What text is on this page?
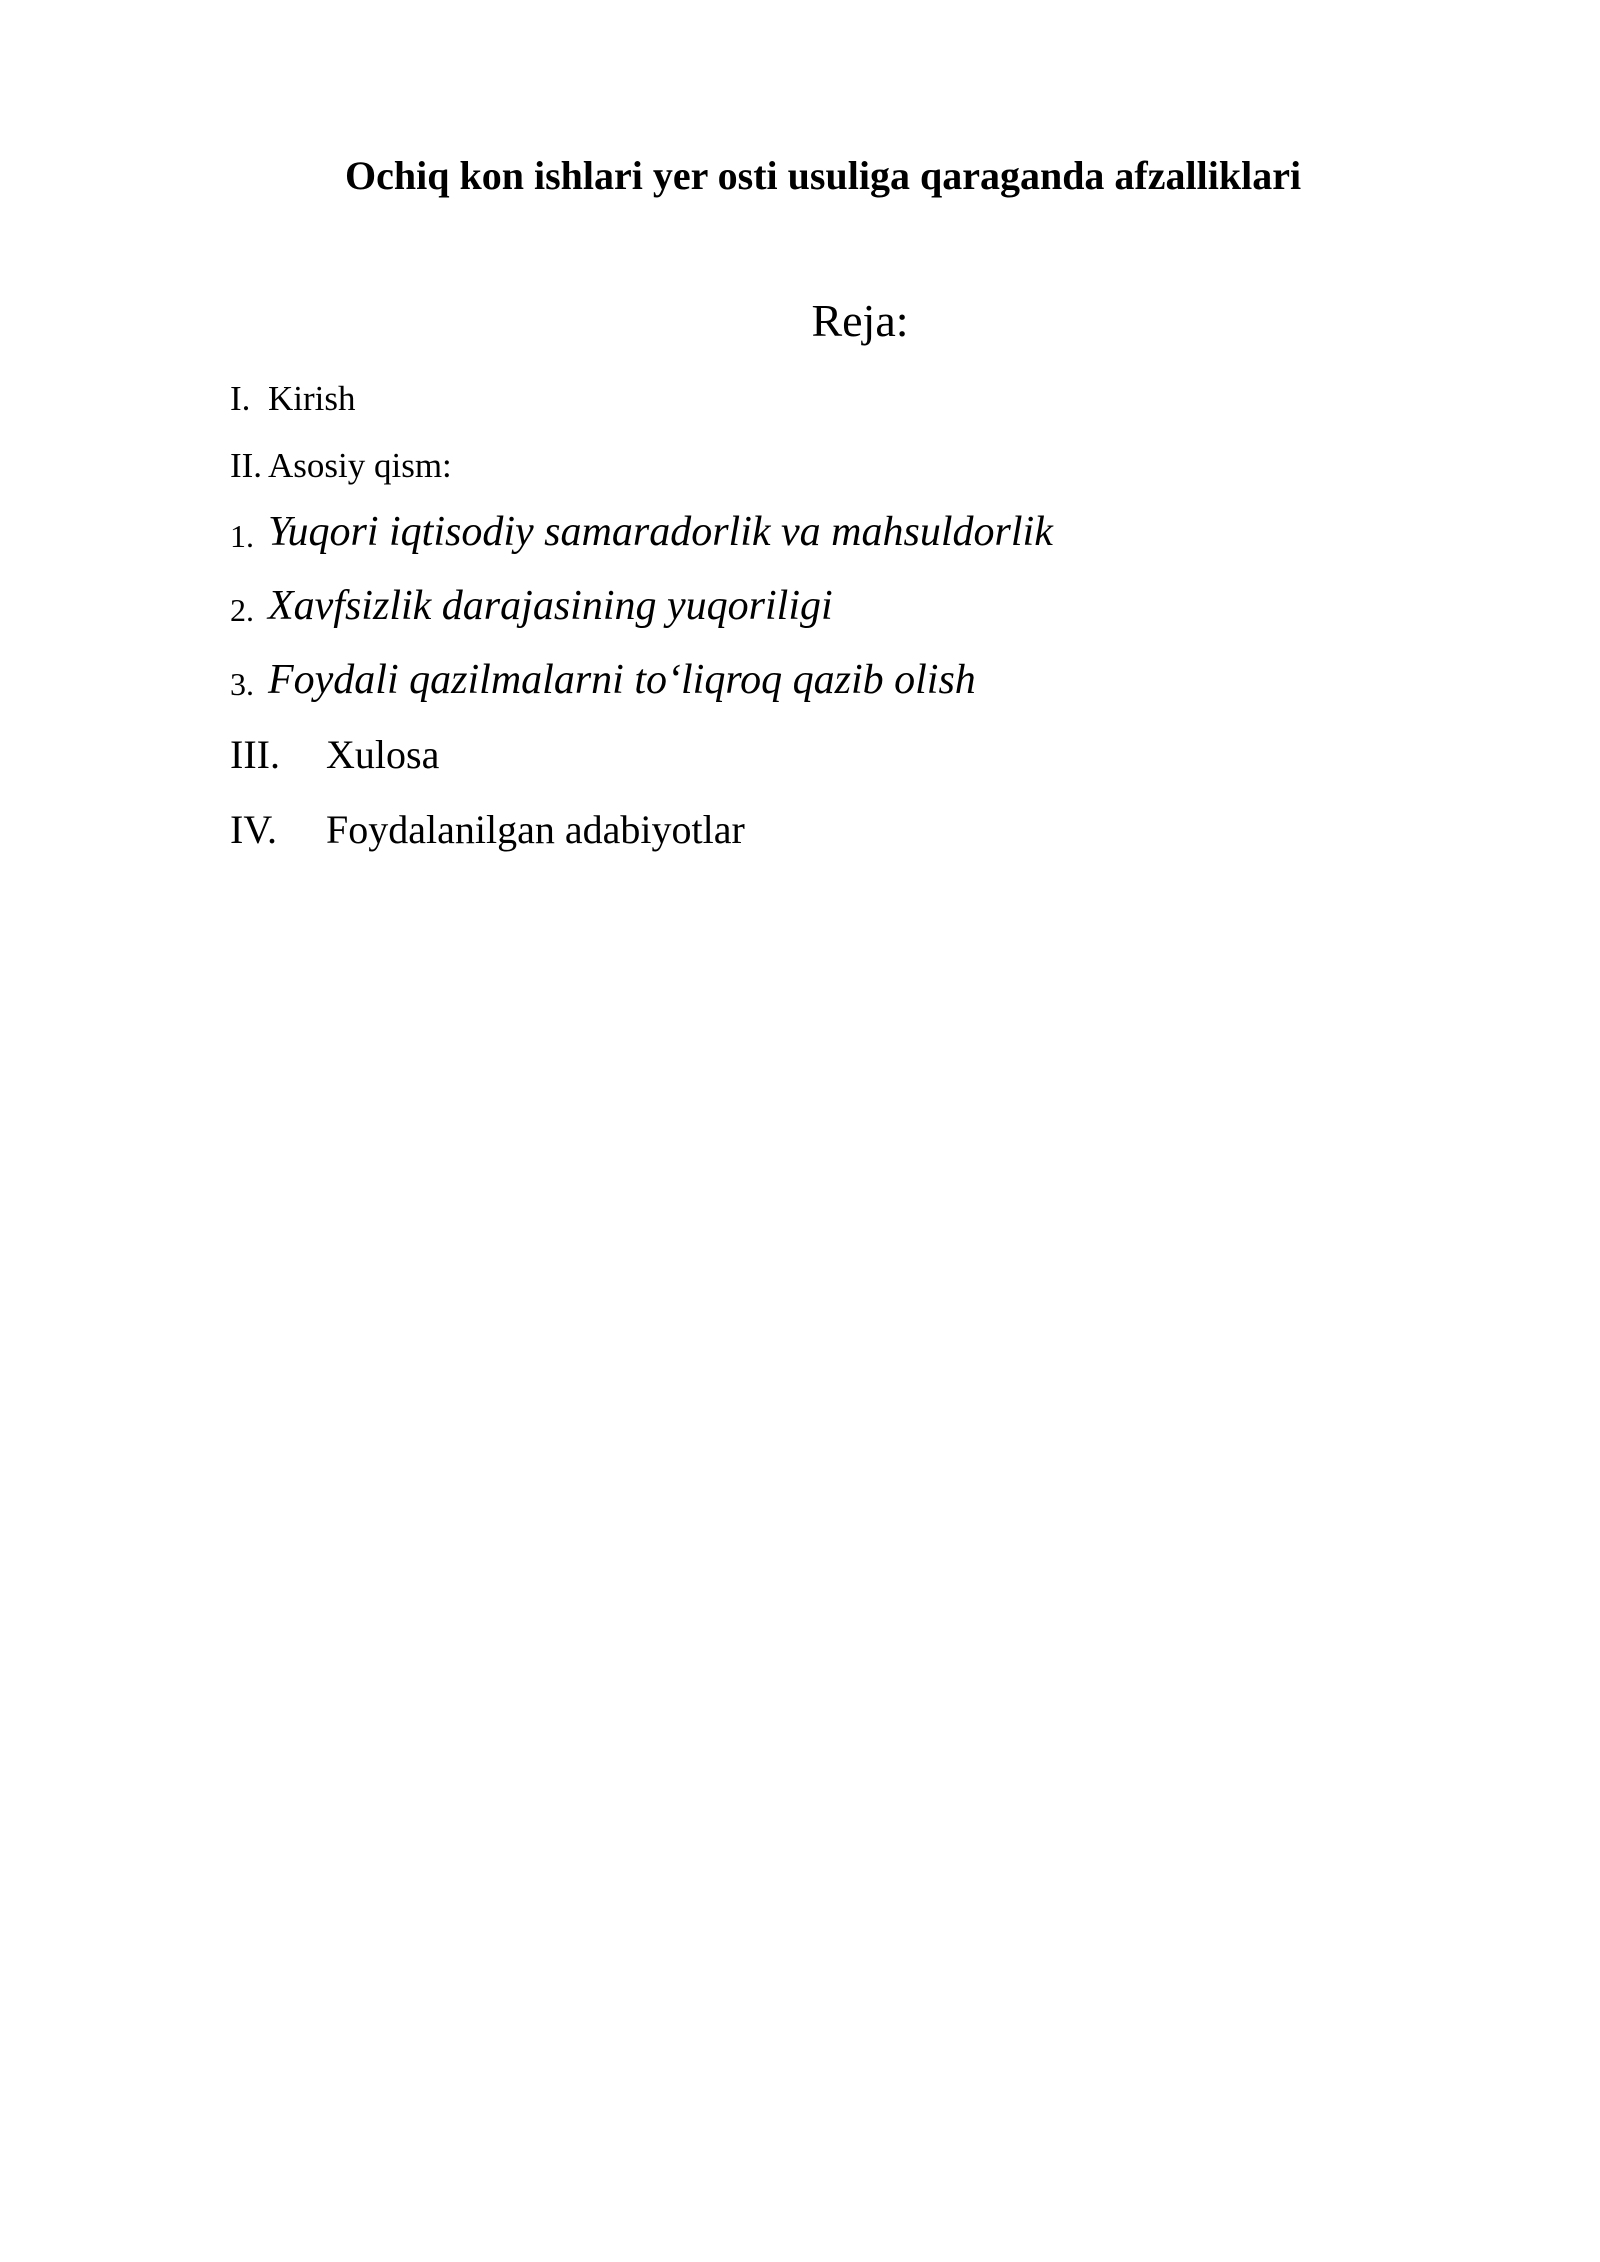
Ochiq kon ishlari yer osti usuliga qaraganda afzalliklari
Reja:
I. Kirish
II. Asosiy qism:
1. Yuqori iqtisodiy samaradorlik va mahsuldorlik
2. Xavfsizlik darajasining yuqoriligi
3. Foydali qazilmalarni to‘liqroq qazib olish
III. Xulosa
IV. Foydalanilgan adabiyotlar
